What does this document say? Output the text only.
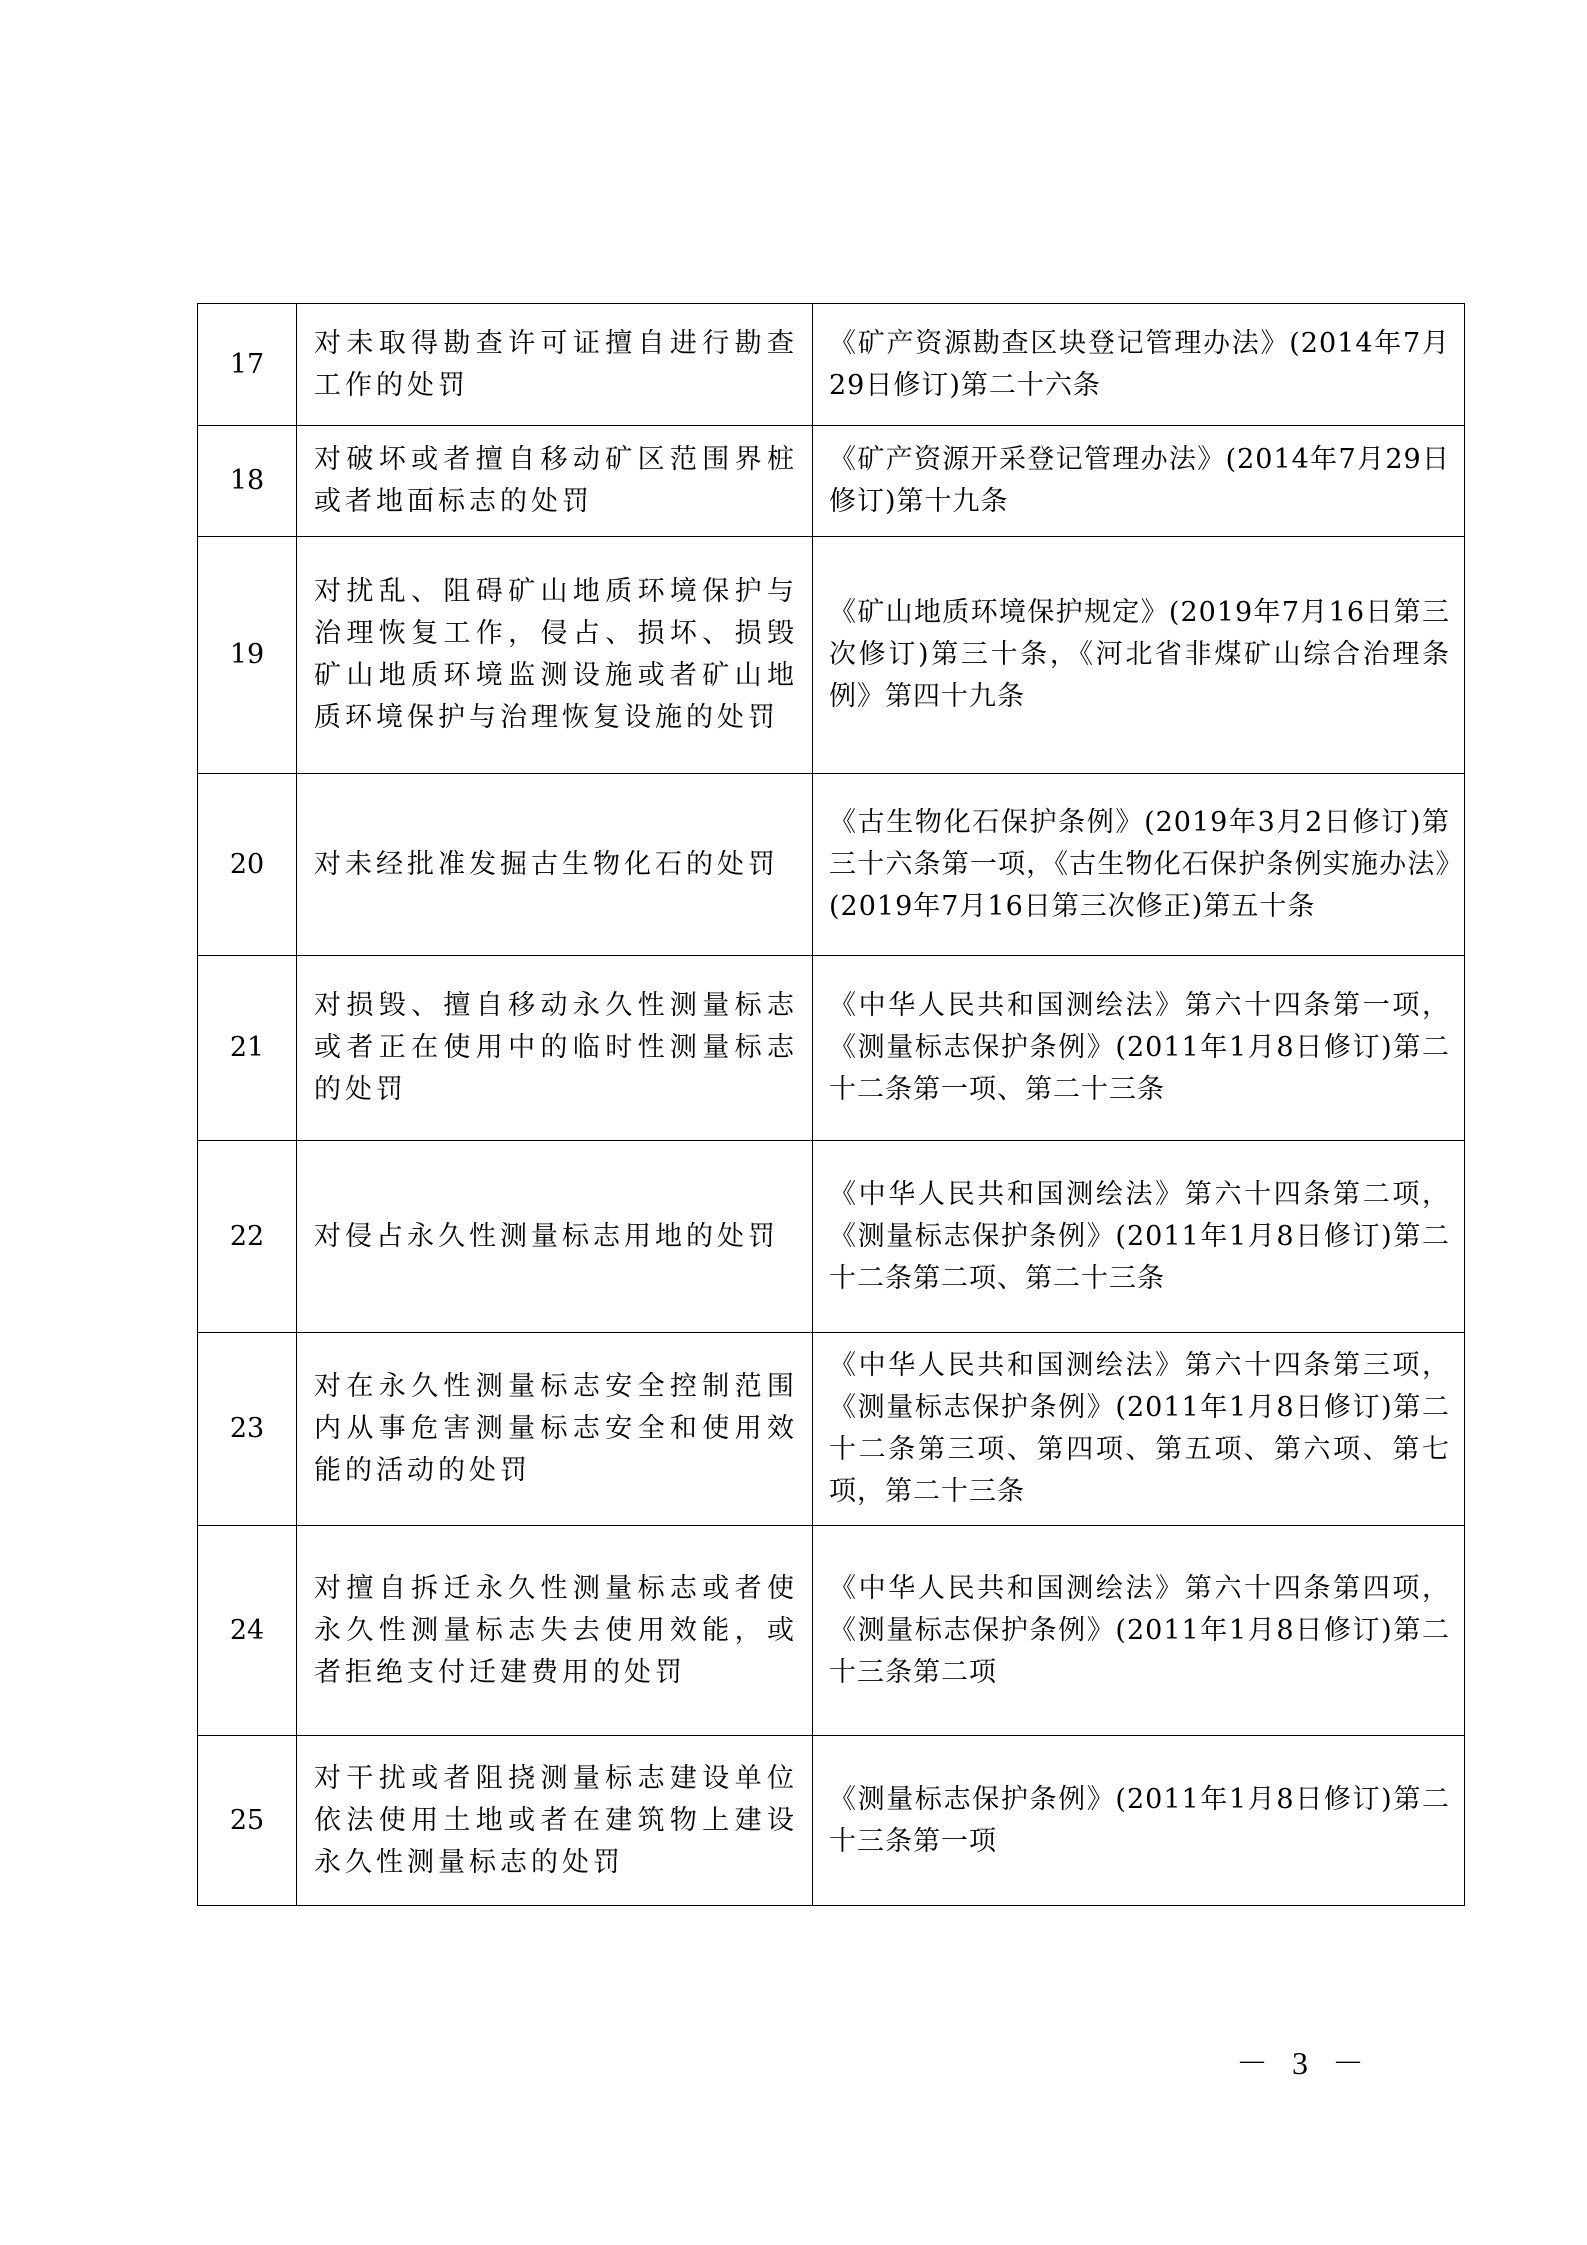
17	对未取得勘查许可证擅自进行勘查工作的处罚	《矿产资源勘查区块登记管理办法》(2014年7月29日修订)第二十六条
18	对破坏或者擅自移动矿区范围界桩或者地面标志的处罚	《矿产资源开采登记管理办法》(2014年7月29日修订)第十九条
19	对扰乱、阻碍矿山地质环境保护与治理恢复工作，侵占、损坏、损毁矿山地质环境监测设施或者矿山地质环境保护与治理恢复设施的处罚	《矿山地质环境保护规定》(2019年7月16日第三次修订)第三十条，《河北省非煤矿山综合治理条例》第四十九条
20	对未经批准发掘古生物化石的处罚	《古生物化石保护条例》(2019年3月2日修订)第三十六条第一项，《古生物化石保护条例实施办法》(2019年7月16日第三次修正)第五十条
21	对损毁、擅自移动永久性测量标志或者正在使用中的临时性测量标志的处罚	《中华人民共和国测绘法》第六十四条第一项，《测量标志保护条例》(2011年1月8日修订)第二十二条第一项、第二十三条
22	对侵占永久性测量标志用地的处罚	《中华人民共和国测绘法》第六十四条第二项，《测量标志保护条例》(2011年1月8日修订)第二十二条第二项、第二十三条
23	对在永久性测量标志安全控制范围内从事危害测量标志安全和使用效能的活动的处罚	《中华人民共和国测绘法》第六十四条第三项，《测量标志保护条例》(2011年1月8日修订)第二十二条第三项、第四项、第五项、第六项、第七项，第二十三条
24	对擅自拆迁永久性测量标志或者使永久性测量标志失去使用效能，或者拒绝支付迁建费用的处罚	《中华人民共和国测绘法》第六十四条第四项，《测量标志保护条例》(2011年1月8日修订)第二十三条第二项
25	对干扰或者阻挠测量标志建设单位依法使用土地或者在建筑物上建设永久性测量标志的处罚	《测量标志保护条例》(2011年1月8日修订)第二十三条第一项
－ 3 －
